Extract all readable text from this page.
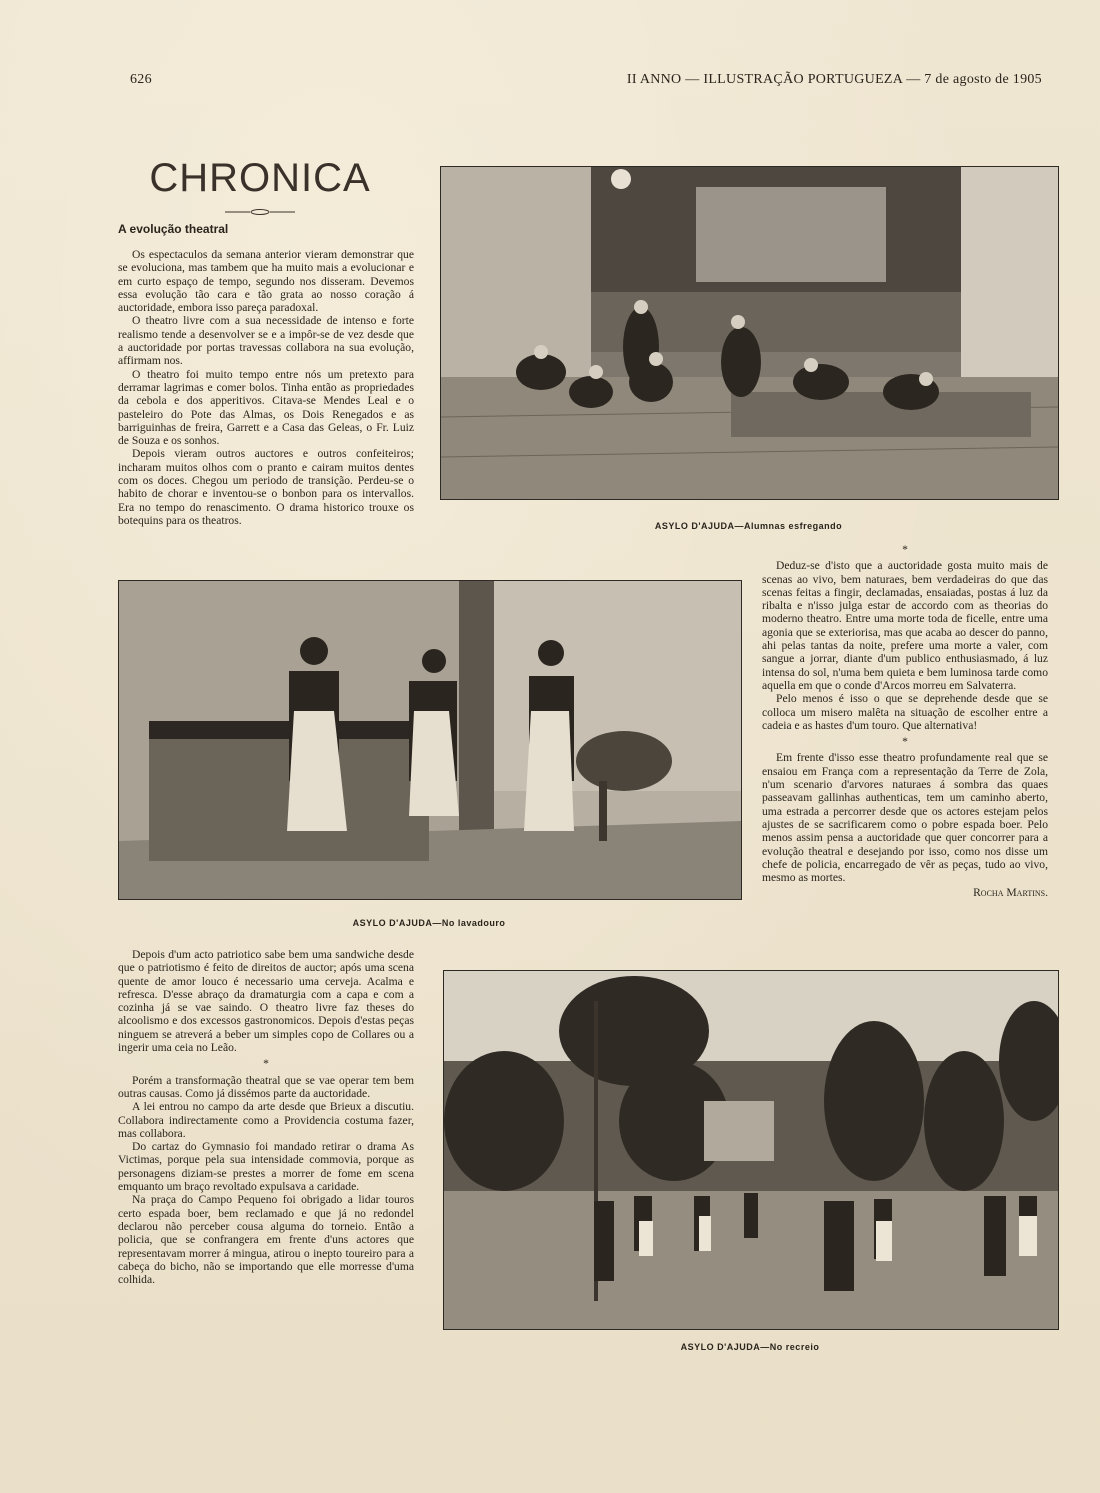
626	II ANNO — ILLUSTRAÇÃO PORTUGUEZA — 7 de agosto de 1905
CHRONICA
A evolução theatral

Os espectaculos da semana anterior vieram demonstrar que se evoluciona, mas tambem que ha muito mais a evolucionar e em curto espaço de tempo, segundo nos disseram. Devemos essa evolução tão cara e tão grata ao nosso coração á auctoridade, embora isso pareça paradoxal.

O theatro livre com a sua necessidade de intenso e forte realismo tende a desenvolver se e a impôr-se de vez desde que a auctoridade por portas travessas collabora na sua evolução, affirmam nos.

O theatro foi muito tempo entre nós um pretexto para derramar lagrimas e comer bolos. Tinha então as propriedades da cebola e dos apperitivos. Citava-se Mendes Leal e o pasteleiro do Pote das Almas, os Dois Renegados e as barriguinhas de freira, Garrett e a Casa das Geleas, o Fr. Luiz de Souza e os sonhos.

Depois vieram outros auctores e outros confeiteiros; incharam muitos olhos com o pranto e cairam muitos dentes com os doces. Chegou um periodo de transição. Perdeu-se o habito de chorar e inventou-se o bonbon para os intervallos. Era no tempo do renascimento. O drama historico trouxe os botequins para os theatros.	ASYLO D'AJUDA—Alumnas esfregando
ASYLO D'AJUDA—No lavadouro

*

Deduz-se d'isto que a auctoridade gosta muito mais de scenas ao vivo, bem naturaes, bem verdadeiras do que das scenas feitas a fingir, declamadas, ensaiadas, postas á luz da ribalta e n'isso julga estar de accordo com as theorias do moderno theatro. Entre uma morte toda de ficelle, entre uma agonia que se exteriorisa, mas que acaba ao descer do panno, ahi pelas tantas da noite, prefere uma morte a valer, com sangue a jorrar, diante d'um publico enthusiasmado, á luz intensa do sol, n'uma bem quieta e bem luminosa tarde como aquella em que o conde d'Arcos morreu em Salvaterra.

Pelo menos é isso o que se deprehende desde que se colloca um misero malêta na situação de escolher entre a cadeia e as hastes d'um touro. Que alternativa!

*

Em frente d'isso esse theatro profundamente real que se ensaiou em França com a representação da Terre de Zola, n'um scenario d'arvores naturaes á sombra das quaes passeavam gallinhas authenticas, tem um caminho aberto, uma estrada a percorrer desde que os actores estejam pelos ajustes de se sacrificarem como o pobre espada boer. Pelo menos assim pensa a auctoridade que quer concorrer para a evolução theatral e desejando por isso, como nos disse um chefe de policia, encarregado de vêr as peças, tudo ao vivo, mesmo as mortes.

Rocha Martins.

Depois d'um acto patriotico sabe bem uma sandwiche desde que o patriotismo é feito de direitos de auctor; após uma scena quente de amor louco é necessario uma cerveja. Acalma e refresca. D'esse abraço da dramaturgia com a capa e com a cozinha já se vae saindo. O theatro livre faz theses do alcoolismo e dos excessos gastronomicos. Depois d'estas peças ninguem se atreverá a beber um simples copo de Collares ou a ingerir uma ceia no Leão.

*

Porém a transformação theatral que se vae operar tem bem outras causas. Como já dissémos parte da auctoridade.

A lei entrou no campo da arte desde que Brieux a discutiu. Collabora indirectamente como a Providencia costuma fazer, mas collabora.

Do cartaz do Gymnasio foi mandado retirar o drama As Victimas, porque pela sua intensidade commovia, porque as personagens diziam-se prestes a morrer de fome em scena emquanto um braço revoltado expulsava a caridade.

Na praça do Campo Pequeno foi obrigado a lidar touros certo espada boer, bem reclamado e que já no redondel declarou não perceber cousa alguma do torneio. Então a policia, que se confrangera em frente d'uns actores que representavam morrer á mingua, atirou o inepto toureiro para a cabeça do bicho, não se importando que elle morresse d'uma colhida.

ASYLO D'AJUDA—No recreio
